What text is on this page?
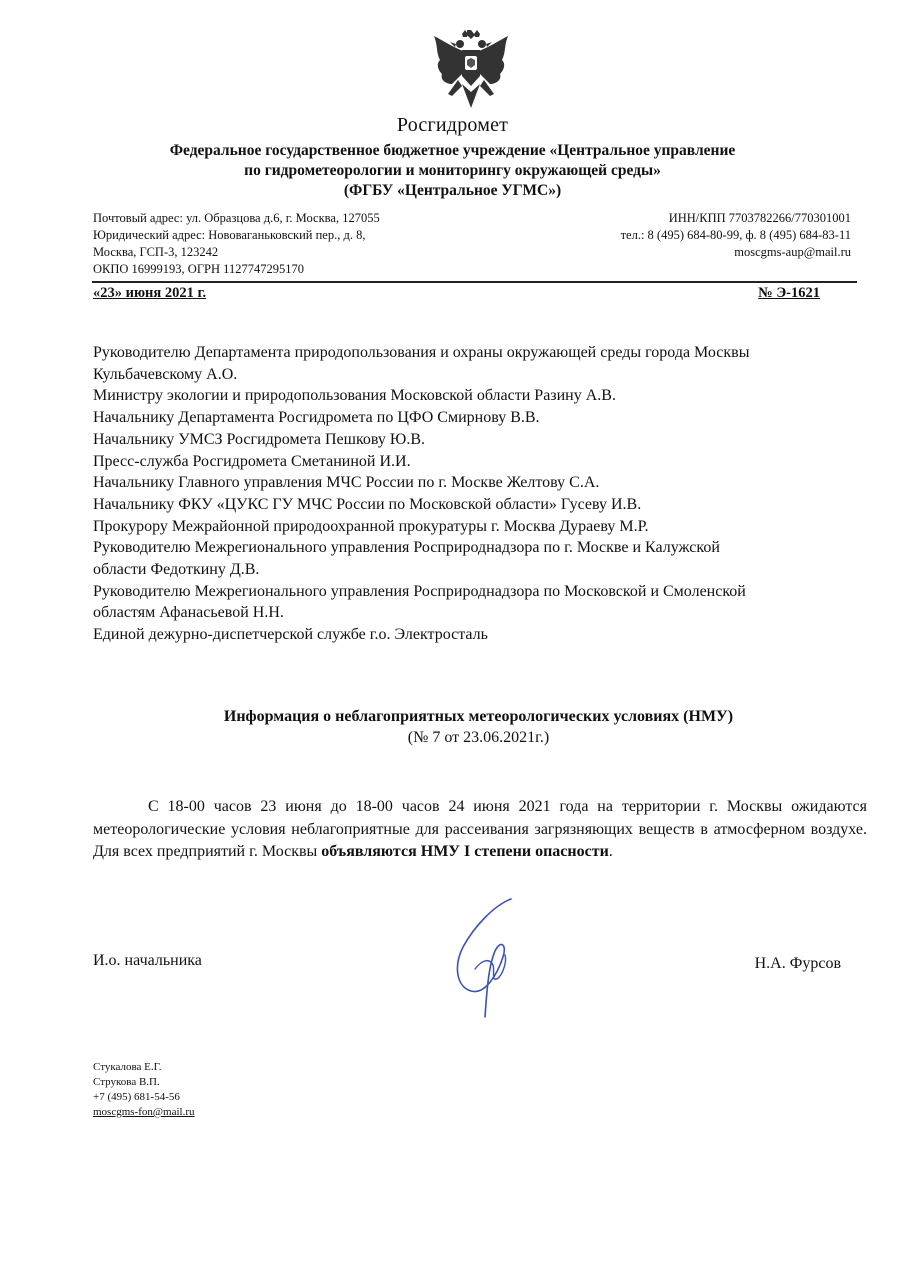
Росгидромет
Федеральное государственное бюджетное учреждение «Центральное управление
по гидрометеорологии и мониторингу окружающей среды»
(ФГБУ «Центральное УГМС»)
Почтовый адрес: ул. Образцова д.6, г. Москва, 127055
Юридический адрес: Нововаганьковский пер., д. 8,
Москва, ГСП-3, 123242
ОКПО 16999193, ОГРН 1127747295170
ИНН/КПП 7703782266/770301001
тел.: 8 (495) 684-80-99, ф. 8 (495) 684-83-11
moscgms-aup@mail.ru
«23» июня 2021 г.	№ Э-1621
Руководителю Департамента природопользования и охраны окружающей среды города Москвы
Кульбачевскому А.О.
Министру экологии и природопользования Московской области Разину А.В.
Начальнику Департамента Росгидромета по ЦФО Смирнову В.В.
Начальнику УМСЗ Росгидромета Пешкову Ю.В.
Пресс-служба Росгидромета Сметаниной И.И.
Начальнику Главного управления МЧС России по г. Москве Желтову С.А.
Начальнику ФКУ «ЦУКС ГУ МЧС России по Московской области» Гусеву И.В.
Прокурору Межрайонной природоохранной прокуратуры г. Москва Дураеву М.Р.
Руководителю Межрегионального управления Росприроднадзора по г. Москве и Калужской
области Федоткину Д.В.
Руководителю Межрегионального управления Росприроднадзора по Московской и Смоленской
областям Афанасьевой Н.Н.
Единой дежурно-диспетчерской службе г.о. Электросталь
Информация о неблагоприятных метеорологических условиях (НМУ)
(№ 7 от 23.06.2021г.)
С 18-00 часов 23 июня до 18-00 часов 24 июня 2021 года на территории г. Москвы ожидаются метеорологические условия неблагоприятные для рассеивания загрязняющих веществ в атмосферном воздухе. Для всех предприятий г. Москвы объявляются НМУ I степени опасности.
И.о. начальника	Н.А. Фурсов
Стукалова Е.Г.
Струкова В.П.
+7 (495) 681-54-56
moscgms-fon@mail.ru
